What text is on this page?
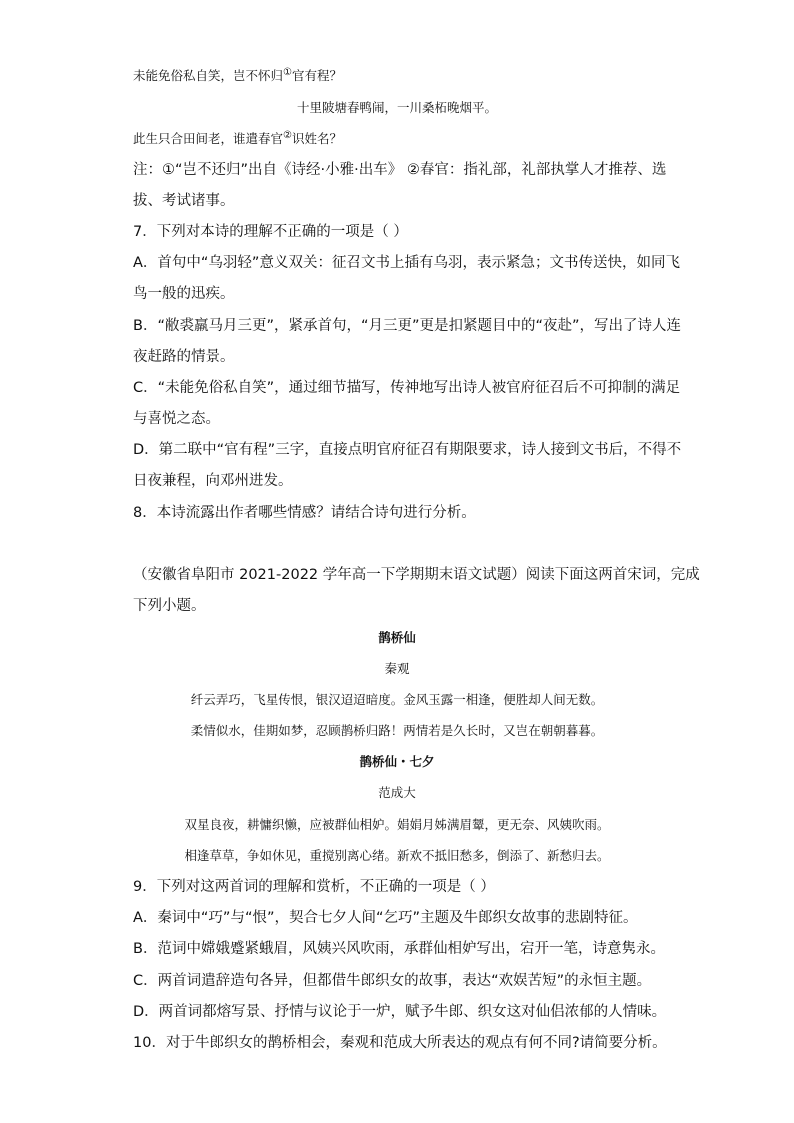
未能免俗私自笑，岂不怀归①官有程？
十里陂塘春鸭闹，一川桑柘晚烟平。
此生只合田间老，谁遣春官②识姓名？
注：①“岂不还归”出自《诗经·小雅·出车》 ②春官：指礼部，礼部执掌人才推荐、选
拔、考试诸事。
7．下列对本诗的理解不正确的一项是（ ）
A．首句中“乌羽轻”意义双关：征召文书上插有乌羽，表示紧急；文书传送快，如同飞
鸟一般的迅疾。
B．“敝裘羸马月三更”，紧承首句，“月三更”更是扣紧题目中的“夜赴”，写出了诗人连
夜赶路的情景。
C．“未能免俗私自笑”，通过细节描写，传神地写出诗人被官府征召后不可抑制的满足
与喜悦之态。
D．第二联中“官有程”三字，直接点明官府征召有期限要求，诗人接到文书后，不得不
日夜兼程，向邓州进发。
8．本诗流露出作者哪些情感？请结合诗句进行分析。
（安徽省阜阳市 2021-2022 学年高一下学期期末语文试题）阅读下面这两首宋词，完成
下列小题。
鹊桥仙
秦观
纤云弄巧，飞星传恨，银汉迢迢暗度。金风玉露一相逢，便胜却人间无数。
柔情似水，佳期如梦，忍顾鹊桥归路！两情若是久长时，又岂在朝朝暮暮。
鹊桥仙・七夕
范成大
双星良夜，耕慵织懒，应被群仙相妒。娟娟月姊满眉颦，更无奈、风姨吹雨。
相逢草草，争如休见，重搅别离心绪。新欢不抵旧愁多，倒添了、新愁归去。
9．下列对这两首词的理解和赏析，不正确的一项是（ ）
A．秦词中“巧”与“恨”，契合七夕人间“乞巧”主题及牛郎织女故事的悲剧特征。
B．范词中嫦娥蹙紧蛾眉，风姨兴风吹雨，承群仙相妒写出，宕开一笔，诗意隽永。
C．两首词遣辞造句各异，但都借牛郎织女的故事，表达“欢娱苦短”的永恒主题。
D．两首词都熔写景、抒情与议论于一炉，赋予牛郎、织女这对仙侣浓郁的人情味。
10．对于牛郎织女的鹊桥相会，秦观和范成大所表达的观点有何不同?请简要分析。
